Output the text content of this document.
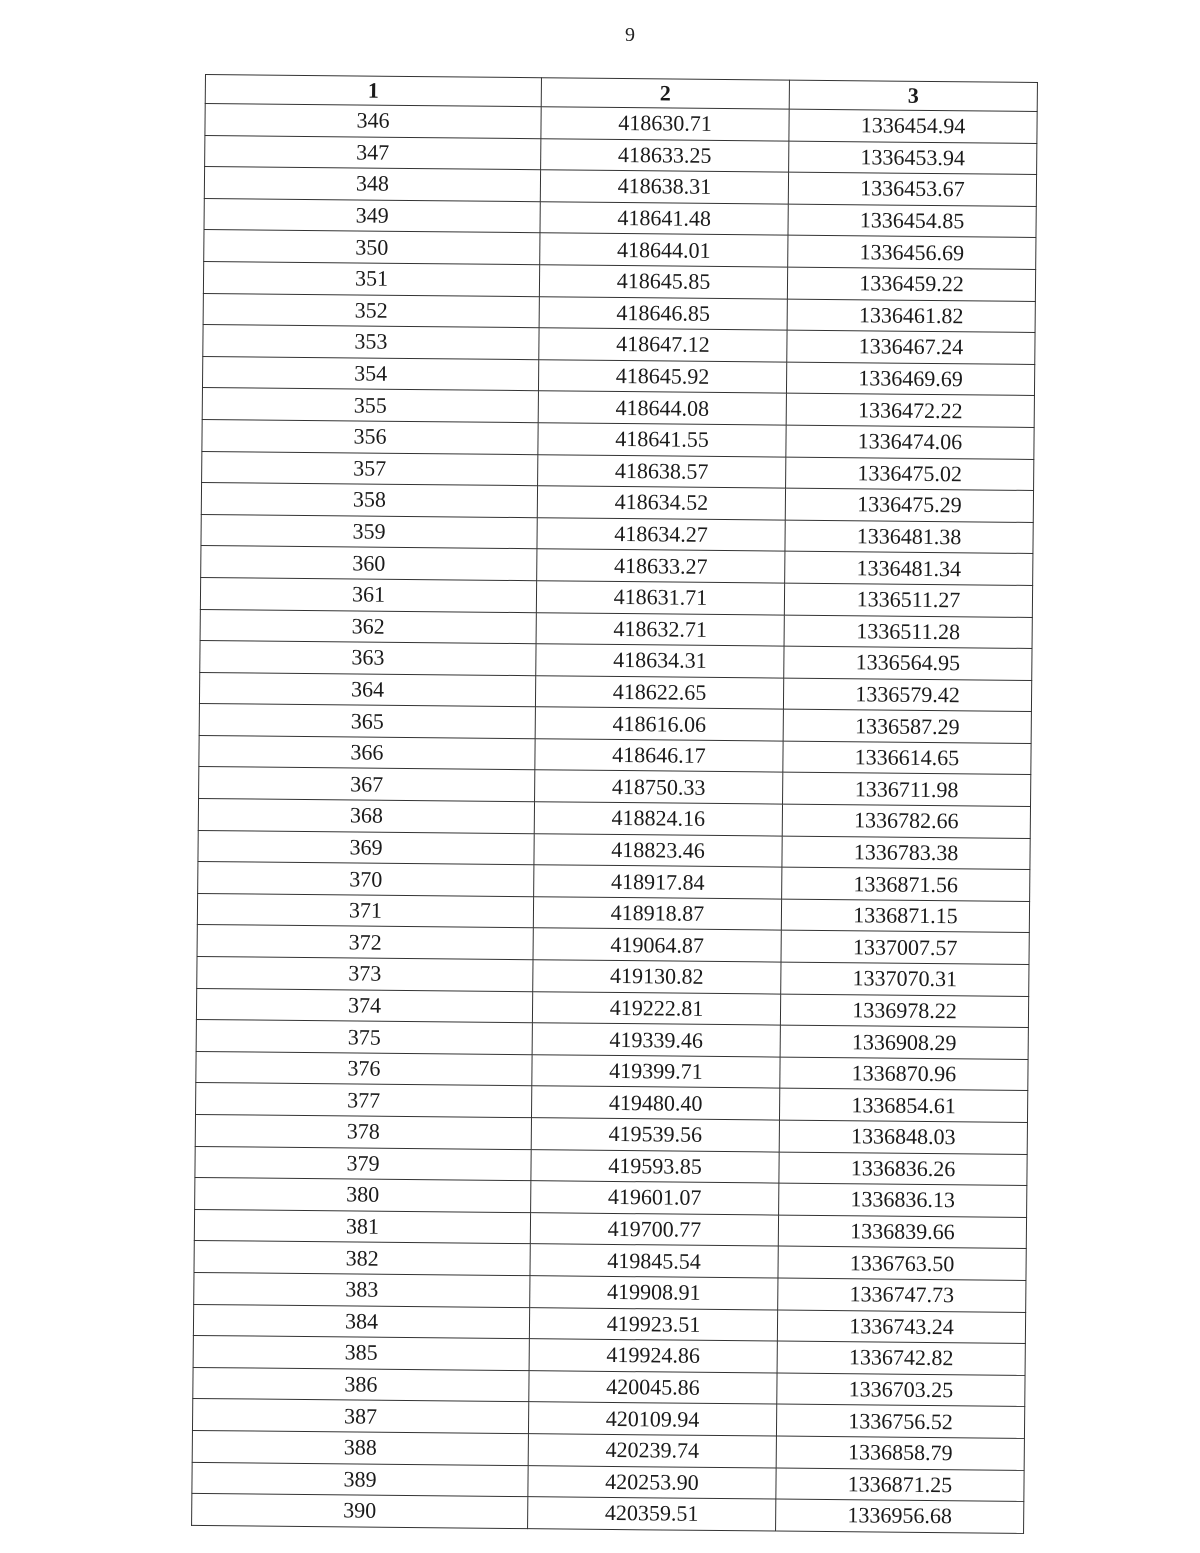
9
1	2	3
346	418630.71	1336454.94
347	418633.25	1336453.94
348	418638.31	1336453.67
349	418641.48	1336454.85
350	418644.01	1336456.69
351	418645.85	1336459.22
352	418646.85	1336461.82
353	418647.12	1336467.24
354	418645.92	1336469.69
355	418644.08	1336472.22
356	418641.55	1336474.06
357	418638.57	1336475.02
358	418634.52	1336475.29
359	418634.27	1336481.38
360	418633.27	1336481.34
361	418631.71	1336511.27
362	418632.71	1336511.28
363	418634.31	1336564.95
364	418622.65	1336579.42
365	418616.06	1336587.29
366	418646.17	1336614.65
367	418750.33	1336711.98
368	418824.16	1336782.66
369	418823.46	1336783.38
370	418917.84	1336871.56
371	418918.87	1336871.15
372	419064.87	1337007.57
373	419130.82	1337070.31
374	419222.81	1336978.22
375	419339.46	1336908.29
376	419399.71	1336870.96
377	419480.40	1336854.61
378	419539.56	1336848.03
379	419593.85	1336836.26
380	419601.07	1336836.13
381	419700.77	1336839.66
382	419845.54	1336763.50
383	419908.91	1336747.73
384	419923.51	1336743.24
385	419924.86	1336742.82
386	420045.86	1336703.25
387	420109.94	1336756.52
388	420239.74	1336858.79
389	420253.90	1336871.25
390	420359.51	1336956.68
